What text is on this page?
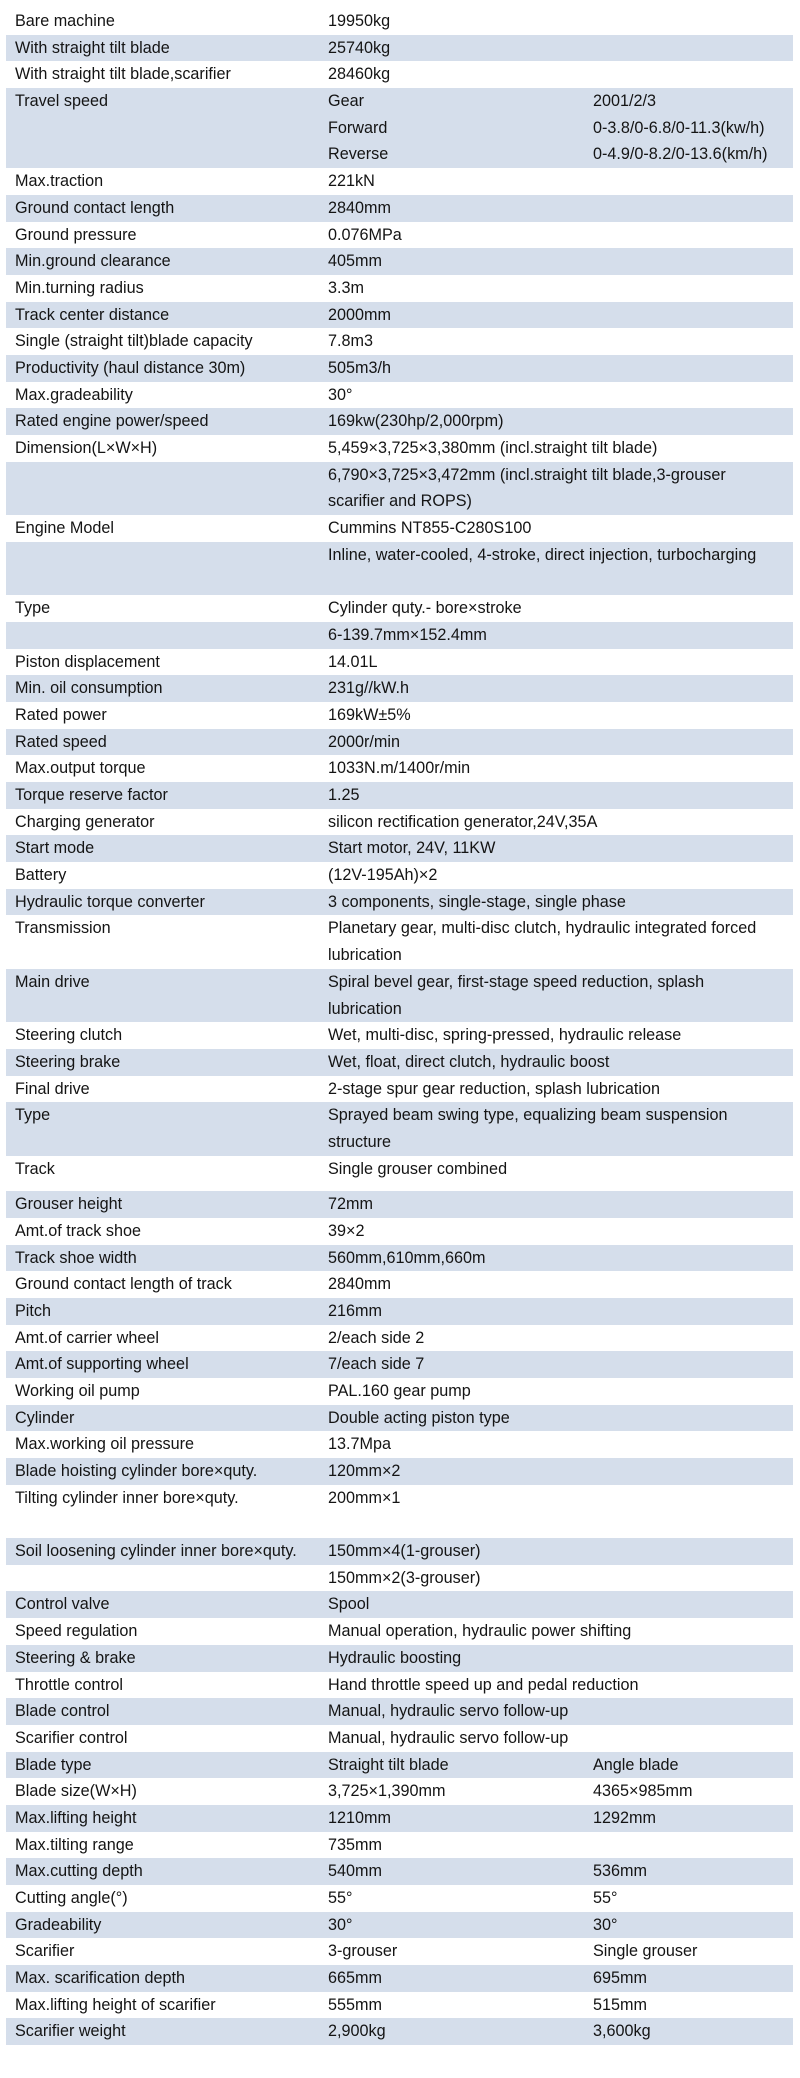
Bare machine	19950kg
With straight tilt blade	25740kg
With straight tilt blade,scarifier	28460kg
Travel speed	Gear	2001/2/3
Forward	0-3.8/0-6.8/0-11.3(kw/h)
Reverse	0-4.9/0-8.2/0-13.6(km/h)
Max.traction	221kN
Ground contact length	2840mm
Ground pressure	0.076MPa
Min.ground clearance	405mm
Min.turning radius	3.3m
Track center distance	2000mm
Single (straight tilt)blade capacity	7.8m3
Productivity (haul distance 30m)	505m3/h
Max.gradeability	30°
Rated engine power/speed	169kw(230hp/2,000rpm)
Dimension(L×W×H)	5,459×3,725×3,380mm (incl.straight tilt blade)
6,790×3,725×3,472mm (incl.straight tilt blade,3-grouser scarifier and ROPS)
Engine Model	Cummins NT855-C280S100
Inline, water-cooled, 4-stroke, direct injection, turbocharging
Type	Cylinder quty.- bore×stroke
6-139.7mm×152.4mm
Piston displacement	14.01L
Min. oil consumption	231g//kW.h
Rated power	169kW±5%
Rated speed	2000r/min
Max.output torque	1033N.m/1400r/min
Torque reserve factor	1.25
Charging generator	silicon rectification generator,24V,35A
Start mode	Start motor, 24V, 11KW
Battery	(12V-195Ah)×2
Hydraulic torque converter	3 components, single-stage, single phase
Transmission	Planetary gear, multi-disc clutch, hydraulic integrated forced lubrication
Main drive	Spiral bevel gear, first-stage speed reduction, splash lubrication
Steering clutch	Wet, multi-disc, spring-pressed, hydraulic release
Steering brake	Wet, float, direct clutch, hydraulic boost
Final drive	2-stage spur gear reduction, splash lubrication
Type	Sprayed beam swing type, equalizing beam suspension structure
Track	Single grouser combined
Grouser height	72mm
Amt.of track shoe	39×2
Track shoe width	560mm,610mm,660m
Ground contact length of track	2840mm
Pitch	216mm
Amt.of carrier wheel	2/each side 2
Amt.of supporting wheel	7/each side 7
Working oil pump	PAL.160 gear pump
Cylinder	Double acting piston type
Max.working oil pressure	13.7Mpa
Blade hoisting cylinder bore×quty.	120mm×2
Tilting cylinder inner bore×quty.	200mm×1
Soil loosening cylinder inner bore×quty.	150mm×4(1-grouser)
150mm×2(3-grouser)
Control valve	Spool
Speed regulation	Manual operation, hydraulic power shifting
Steering & brake	Hydraulic boosting
Throttle control	Hand throttle speed up and pedal reduction
Blade control	Manual, hydraulic servo follow-up
Scarifier control	Manual, hydraulic servo follow-up
Blade type	Straight tilt blade	Angle blade
Blade size(W×H)	3,725×1,390mm	4365×985mm
Max.lifting height	1210mm	1292mm
Max.tilting range	735mm
Max.cutting depth	540mm	536mm
Cutting angle(°)	55°	55°
Gradeability	30°	30°
Scarifier	3-grouser	Single grouser
Max. scarification depth	665mm	695mm
Max.lifting height of scarifier	555mm	515mm
Scarifier weight	2,900kg	3,600kg
